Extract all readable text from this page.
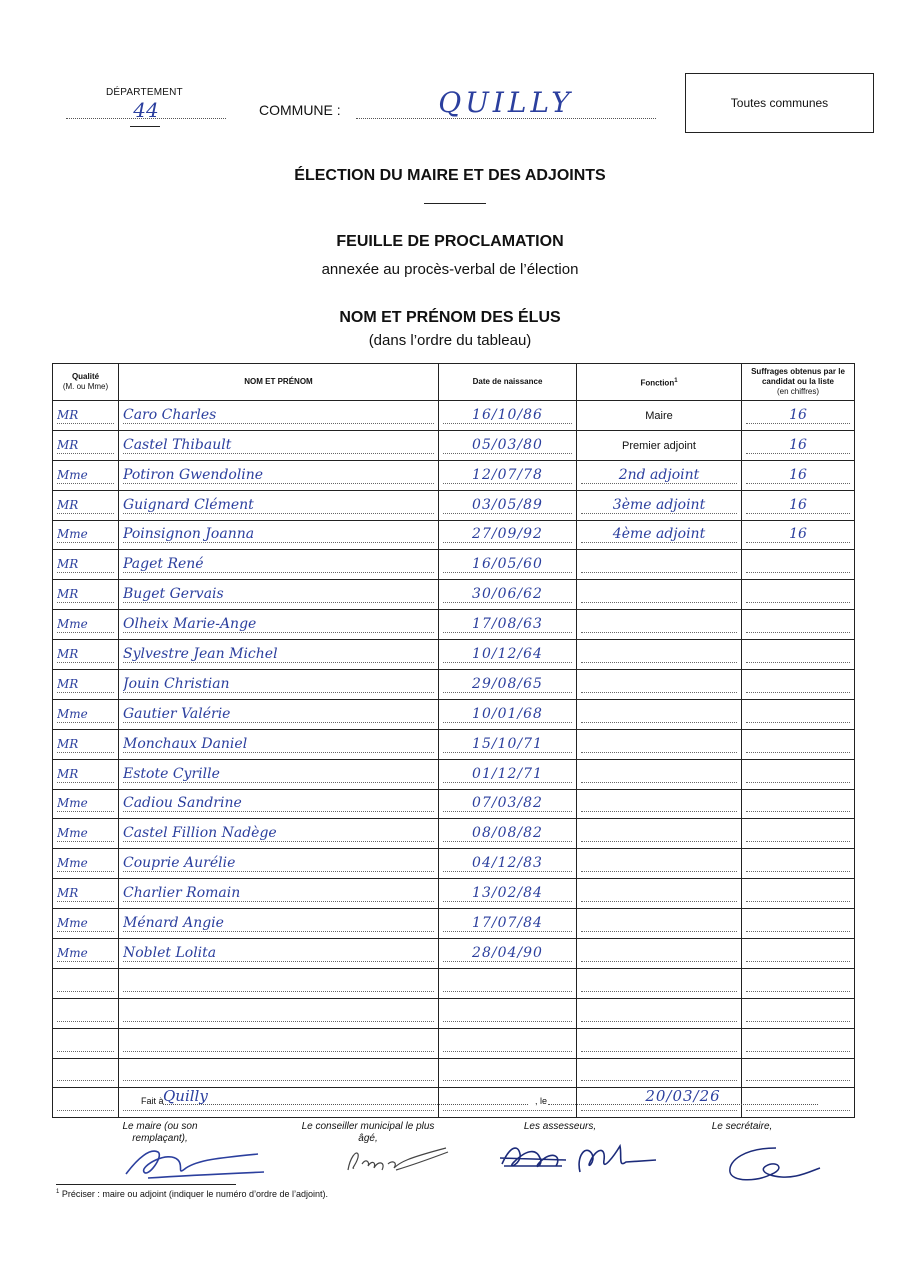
DÉPARTEMENT
44	COMMUNE :	QUILLY	Toutes communes
ÉLECTION DU MAIRE ET DES ADJOINTS
FEUILLE DE PROCLAMATION
annexée au procès-verbal de l’élection
NOM ET PRÉNOM DES ÉLUS
(dans l’ordre du tableau)
Qualité
(M. ou Mme)	NOM ET PRÉNOM	Date de naissance	Fonction$^1$	Suffrages obtenus par le candidat ou la liste
(en chiffres)

MR	Caro Charles	16/10/86	Maire	16

MR	Castel Thibault	05/03/80	Premier adjoint	16

Mme	Potiron Gwendoline	12/07/78	2nd adjoint	16

MR	Guignard Clément	03/05/89	3ème adjoint	16

Mme	Poinsignon Joanna	27/09/92	4ème adjoint	16

MR	Paget René	16/05/60		

MR	Buget Gervais	30/06/62		

Mme	Olheix Marie-Ange	17/08/63		

MR	Sylvestre Jean Michel	10/12/64		

MR	Jouin Christian	29/08/65		

Mme	Gautier Valérie	10/01/68		

MR	Monchaux Daniel	15/10/71		

MR	Estote Cyrille	01/12/71		

Mme	Cadiou Sandrine	07/03/82		

Mme	Castel Fillion Nadège	08/08/82		

Mme	Couprie Aurélie	04/12/83		

MR	Charlier Romain	13/02/84		

Mme	Ménard Angie	17/07/84		

Mme	Noblet Lolita	28/04/90		

Fait à Quilly	, le	20/03/26
Le maire (ou son remplaçant),
Le conseiller municipal le plus âgé,
Les assesseurs,	Le secrétaire,
$^1$ Préciser : maire ou adjoint (indiquer le numéro d’ordre de l’adjoint).
